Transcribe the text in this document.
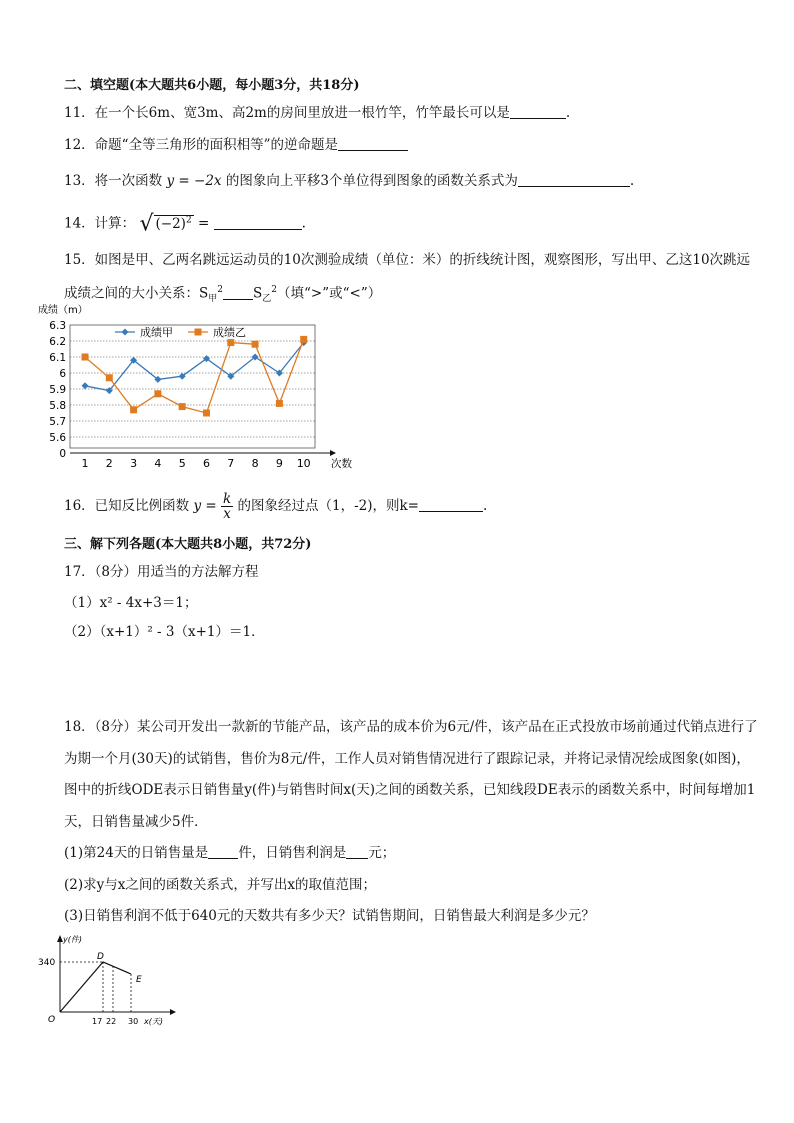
二、填空题(本大题共6小题，每小题3分，共18分)
11．在一个长6m、宽3m、高2m的房间里放进一根竹竿，竹竿最长可以是	.
12．命题“全等三角形的面积相等”的逆命题是
13．将一次函数 y = −2x 的图象向上平移3个单位得到图象的函数关系式为	.
14．计算： √ $(-2)^2$ =	.
15．如图是甲、乙两名跳远运动员的10次测验成绩（单位：米）的折线统计图，观察图形，写出甲、乙这10次跳远
成绩之间的大小关系：$S_甲^2$ $S_乙^2$（填“>”或“<”）
0
5.6
5.7
5.8
5.9
6
6.1
6.2
6.3
1 2 3 4 5 6 7 8 9 10 次数
成绩（m）
成绩甲	成绩乙
16．已知反比例函数 $y = \frac{k}{x}$ 的图象经过点（1，-2)，则k=	.
三、解下列各题(本大题共8小题，共72分)
17．（8分）用适当的方法解方程
（1）x² - 4x+3＝1；
（2）（x+1）² - 3（x+1）＝1．
18．（8分）某公司开发出一款新的节能产品，该产品的成本价为6元/件，该产品在正式投放市场前通过代销点进行了
为期一个月(30天)的试销售，售价为8元/件，工作人员对销售情况进行了跟踪记录，并将记录情况绘成图象(如图)，
图中的折线ODE表示日销售量y(件)与销售时间x(天)之间的函数关系，已知线段DE表示的函数关系中，时间每增加1
天，日销售量减少5件．
(1)第24天的日销售量是 件，日销售利润是 元；
(2)求y与x之间的函数关系式，并写出x的取值范围；
(3)日销售利润不低于640元的天数共有多少天？试销售期间，日销售最大利润是多少元？
y(件)
340
O
D
E
17 22 30 x(天)
